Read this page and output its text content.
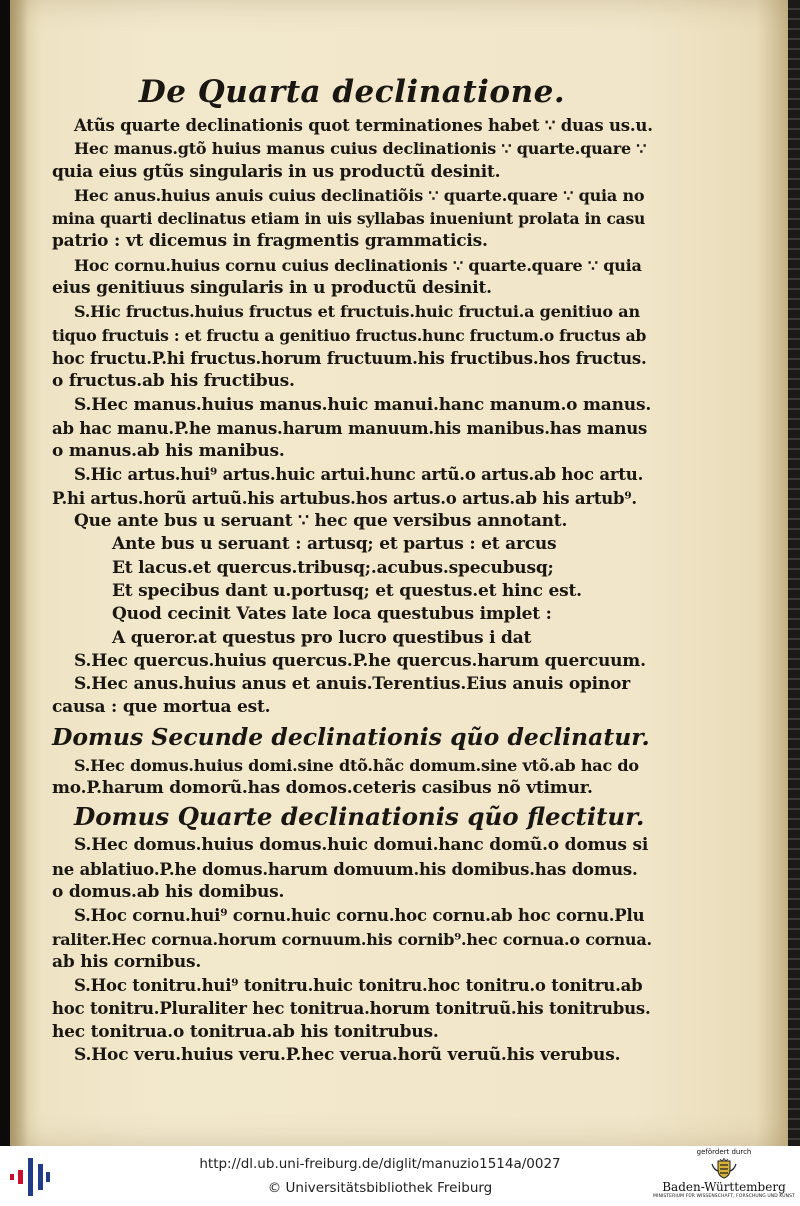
De Quarta declinatione.
Atũs quarte declinationis quot terminationes habet ∵ duas us.u.
Hec manus.gtõ huius manus cuius declinationis ∵ quarte.quare ∵
quia eius gtũs singularis in us productũ desinit.
Hec anus.huius anuis cuius declinatiõis ∵ quarte.quare ∵ quia no
mina quarti declinatus etiam in uis syllabas inueniunt prolata in casu
patrio : vt dicemus in fragmentis grammaticis.
Hoc cornu.huius cornu cuius declinationis ∵ quarte.quare ∵ quia
eius genitiuus singularis in u productũ desinit.
S.Hic fructus.huius fructus et fructuis.huic fructui.a genitiuo an
tiquo fructuis : et fructu a genitiuo fructus.hunc fructum.o fructus ab
hoc fructu.P.hi fructus.horum fructuum.his fructibus.hos fructus.
o fructus.ab his fructibus.
S.Hec manus.huius manus.huic manui.hanc manum.o manus.
ab hac manu.P.he manus.harum manuum.his manibus.has manus
o manus.ab his manibus.
S.Hic artus.hui⁹ artus.huic artui.hunc artũ.o artus.ab hoc artu.
P.hi artus.horũ artuũ.his artubus.hos artus.o artus.ab his artub⁹.
Que ante bus u seruant ∵ hec que versibus annotant.
Ante bus u seruant : artusq; et partus : et arcus
Et lacus.et quercus.tribusq;.acubus.specubusq;
Et specibus dant u.portusq; et questus.et hinc est.
Quod cecinit Vates late loca questubus implet :
A queror.at questus pro lucro questibus i dat
S.Hec quercus.huius quercus.P.he quercus.harum quercuum.
S.Hec anus.huius anus et anuis.Terentius.Eius anuis opinor
causa : que mortua est.
Domus Secunde declinationis qũo declinatur.
S.Hec domus.huius domi.sine dtõ.hãc domum.sine vtõ.ab hac do
mo.P.harum domorũ.has domos.ceteris casibus nõ vtimur.
Domus Quarte declinationis qũo flectitur.
S.Hec domus.huius domus.huic domui.hanc domũ.o domus si
ne ablatiuo.P.he domus.harum domuum.his domibus.has domus.
o domus.ab his domibus.
S.Hoc cornu.hui⁹ cornu.huic cornu.hoc cornu.ab hoc cornu.Plu
raliter.Hec cornua.horum cornuum.his cornib⁹.hec cornua.o cornua.
ab his cornibus.
S.Hoc tonitru.hui⁹ tonitru.huic tonitru.hoc tonitru.o tonitru.ab
hoc tonitru.Pluraliter hec tonitrua.horum tonitruũ.his tonitrubus.
hec tonitrua.o tonitrua.ab his tonitrubus.
S.Hoc veru.huius veru.P.hec verua.horũ veruũ.his verubus.
http://dl.ub.uni-freiburg.de/diglit/manuzio1514a/0027
© Universitätsbibliothek Freiburg
gefördert durch
Baden-Württemberg
MINISTERIUM FÜR WISSENSCHAFT, FORSCHUNG UND KUNST
